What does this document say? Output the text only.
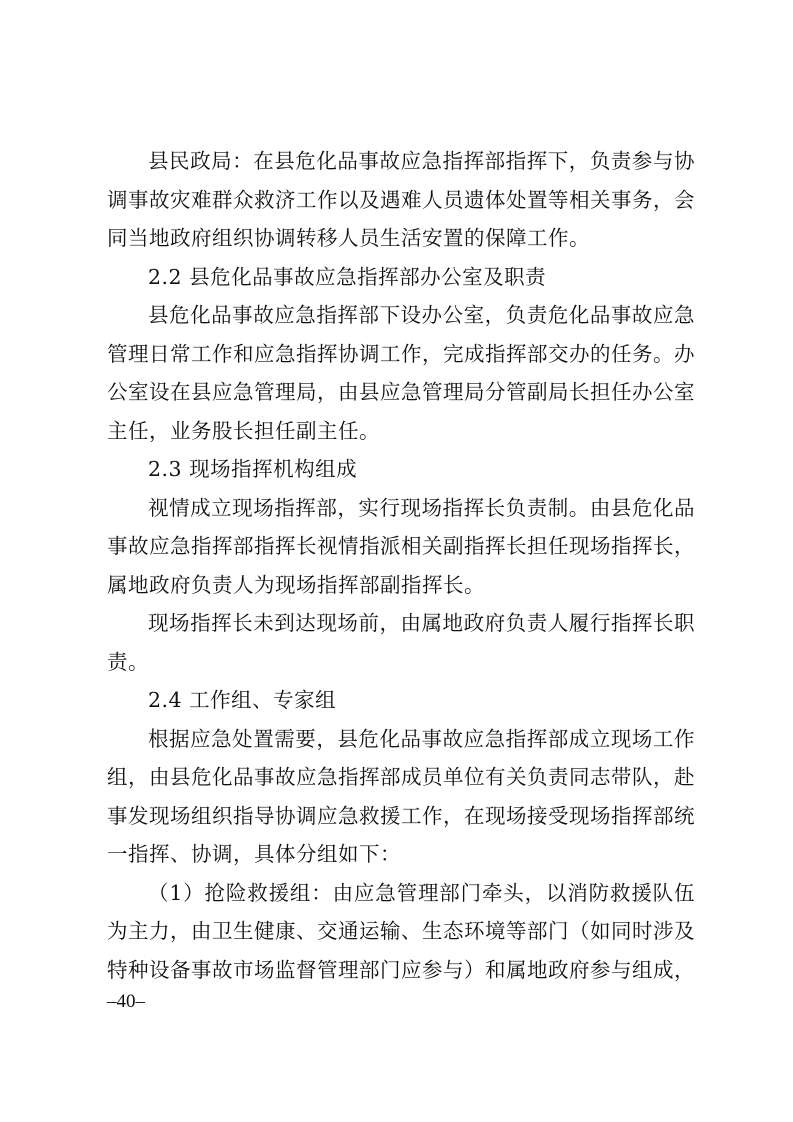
县民政局：在县危化品事故应急指挥部指挥下，负责参与协
调事故灾难群众救济工作以及遇难人员遗体处置等相关事务，会
同当地政府组织协调转移人员生活安置的保障工作。
2.2 县危化品事故应急指挥部办公室及职责
县危化品事故应急指挥部下设办公室，负责危化品事故应急
管理日常工作和应急指挥协调工作，完成指挥部交办的任务。办
公室设在县应急管理局，由县应急管理局分管副局长担任办公室
主任，业务股长担任副主任。
2.3 现场指挥机构组成
视情成立现场指挥部，实行现场指挥长负责制。由县危化品
事故应急指挥部指挥长视情指派相关副指挥长担任现场指挥长，
属地政府负责人为现场指挥部副指挥长。
现场指挥长未到达现场前，由属地政府负责人履行指挥长职
责。
2.4 工作组、专家组
根据应急处置需要，县危化品事故应急指挥部成立现场工作
组，由县危化品事故应急指挥部成员单位有关负责同志带队，赴
事发现场组织指导协调应急救援工作，在现场接受现场指挥部统
一指挥、协调，具体分组如下：
（1）抢险救援组：由应急管理部门牵头，以消防救援队伍
为主力，由卫生健康、交通运输、生态环境等部门（如同时涉及
特种设备事故市场监督管理部门应参与）和属地政府参与组成，
–40–
